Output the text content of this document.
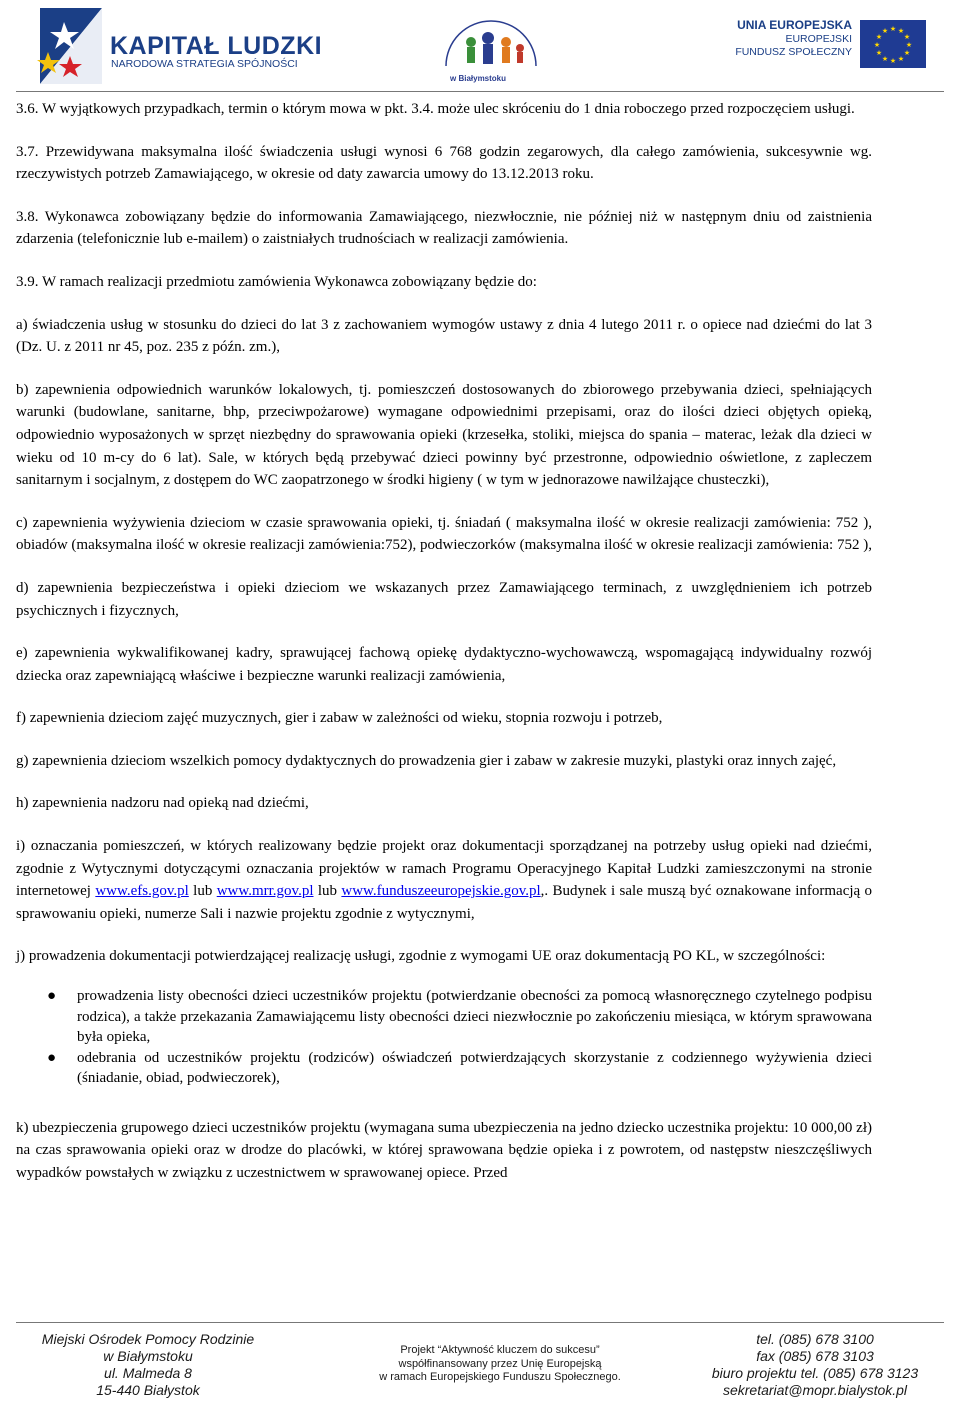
KAPITAŁ LUDZKI
NARODOWA STRATEGIA SPÓJNOŚCI
w Białymstoku
UNIA EUROPEJSKA
EUROPEJSKI
FUNDUSZ SPOŁECZNY
★ ★
★
★
★
★
★
★
★
★
★
★

3.6. W wyjątkowych przypadkach, termin o którym mowa w pkt. 3.4. może ulec skróceniu do 1 dnia roboczego przed rozpoczęciem usługi.

3.7. Przewidywana maksymalna ilość świadczenia usługi wynosi 6 768 godzin zegarowych, dla całego zamówienia, sukcesywnie wg. rzeczywistych potrzeb Zamawiającego, w okresie od daty zawarcia umowy do 13.12.2013 roku.

3.8. Wykonawca zobowiązany będzie do informowania Zamawiającego, niezwłocznie, nie później niż w następnym dniu od zaistnienia zdarzenia (telefonicznie lub e-mailem) o zaistniałych trudnościach w realizacji zamówienia.

3.9. W ramach realizacji przedmiotu zamówienia Wykonawca zobowiązany będzie do:

a) świadczenia usług w stosunku do dzieci do lat 3 z zachowaniem wymogów ustawy z dnia 4 lutego 2011 r. o opiece nad dziećmi do lat 3 (Dz. U. z 2011 nr 45, poz. 235 z późn. zm.),

b) zapewnienia odpowiednich warunków lokalowych, tj. pomieszczeń dostosowanych do zbiorowego przebywania dzieci, spełniających warunki (budowlane, sanitarne, bhp, przeciwpożarowe) wymagane odpowiednimi przepisami, oraz do ilości dzieci objętych opieką, odpowiednio wyposażonych w sprzęt niezbędny do sprawowania opieki (krzesełka, stoliki, miejsca do spania – materac, leżak dla dzieci w wieku od 10 m-cy do 6 lat). Sale, w których będą przebywać dzieci powinny być przestronne, odpowiednio oświetlone, z zapleczem sanitarnym i socjalnym, z dostępem do WC zaopatrzonego w środki higieny ( w tym w jednorazowe nawilżające chusteczki),

c) zapewnienia wyżywienia dzieciom w czasie sprawowania opieki, tj. śniadań ( maksymalna ilość w okresie realizacji zamówienia: 752 ), obiadów (maksymalna ilość w okresie realizacji zamówienia:752), podwieczorków (maksymalna ilość w okresie realizacji zamówienia: 752 ),

d) zapewnienia bezpieczeństwa i opieki dzieciom we wskazanych przez Zamawiającego terminach, z uwzględnieniem ich potrzeb psychicznych i fizycznych,

e) zapewnienia wykwalifikowanej kadry, sprawującej fachową opiekę dydaktyczno-wychowawczą, wspomagającą indywidualny rozwój dziecka oraz zapewniającą właściwe i bezpieczne warunki realizacji zamówienia,

f) zapewnienia dzieciom zajęć muzycznych, gier i zabaw w zależności od wieku, stopnia rozwoju i potrzeb,

g) zapewnienia dzieciom wszelkich pomocy dydaktycznych do prowadzenia gier i zabaw w zakresie muzyki, plastyki oraz innych zajęć,

h) zapewnienia nadzoru nad opieką nad dziećmi,

i) oznaczania pomieszczeń, w których realizowany będzie projekt oraz dokumentacji sporządzanej na potrzeby usług opieki nad dziećmi, zgodnie z Wytycznymi dotyczącymi oznaczania projektów w ramach Programu Operacyjnego Kapitał Ludzki zamieszczonymi na stronie internetowej www.efs.gov.pl lub www.mrr.gov.pl lub www.funduszeeuropejskie.gov.pl,. Budynek i sale muszą być oznakowane informacją o sprawowaniu opieki, numerze Sali i nazwie projektu zgodnie z wytycznymi,

j) prowadzenia dokumentacji potwierdzającej realizację usługi, zgodnie z wymogami UE oraz dokumentacją PO KL, w szczególności:

● prowadzenia listy obecności dzieci uczestników projektu (potwierdzanie obecności za pomocą własnoręcznego czytelnego podpisu rodzica), a także przekazania Zamawiającemu listy obecności dzieci niezwłocznie po zakończeniu miesiąca, w którym sprawowana była opieka,
● odebrania od uczestników projektu (rodziców) oświadczeń potwierdzających skorzystanie z codziennego wyżywienia dzieci (śniadanie, obiad, podwieczorek),

k) ubezpieczenia grupowego dzieci uczestników projektu (wymagana suma ubezpieczenia na jedno dziecko uczestnika projektu: 10 000,00 zł) na czas sprawowania opieki oraz w drodze do placówki, w której sprawowana będzie opieka i z powrotem, od następstw nieszczęśliwych wypadków powstałych w związku z uczestnictwem w sprawowanej opiece. Przed

Miejski Ośrodek Pomocy Rodzinie
w Białymstoku
ul. Malmeda 8
15-440 Białystok
Projekt “Aktywność kluczem do sukcesu”
współfinansowany przez Unię Europejską
w ramach Europejskiego Funduszu Społecznego.
tel. (085) 678 3100
fax (085) 678 3103
biuro projektu tel. (085) 678 3123
sekretariat@mopr.bialystok.pl
